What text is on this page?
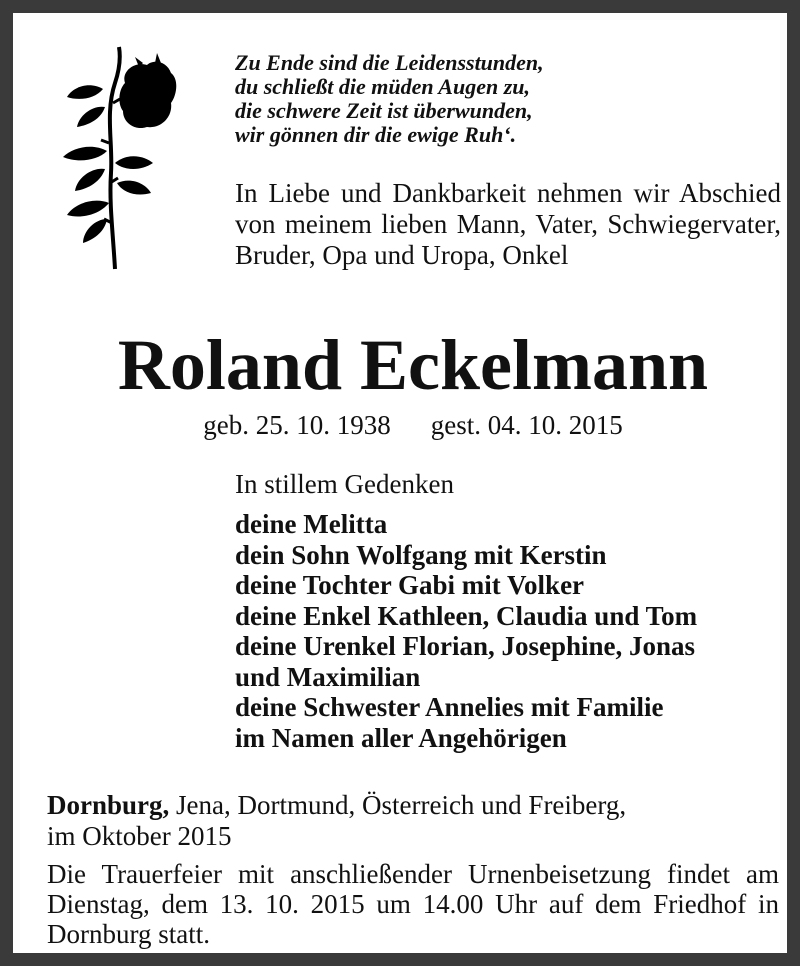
Zu Ende sind die Leidensstunden,
du schließt die müden Augen zu,
die schwere Zeit ist überwunden,
wir gönnen dir die ewige Ruh‘.
In Liebe und Dankbarkeit nehmen wir Abschied von meinem lieben Mann, Vater, Schwiegervater, Bruder, Opa und Uropa, Onkel
Roland Eckelmann
geb. 25. 10. 1938 gest. 04. 10. 2015
In stillem Gedenken
deine Melitta
dein Sohn Wolfgang mit Kerstin
deine Tochter Gabi mit Volker
deine Enkel Kathleen, Claudia und Tom
deine Urenkel Florian, Josephine, Jonas
und Maximilian
deine Schwester Annelies mit Familie
im Namen aller Angehörigen
Dornburg, Jena, Dortmund, Österreich und Freiberg,
im Oktober 2015
Die Trauerfeier mit anschließender Urnenbeisetzung findet am Dienstag, dem 13. 10. 2015 um 14.00 Uhr auf dem Friedhof in Dornburg statt.
